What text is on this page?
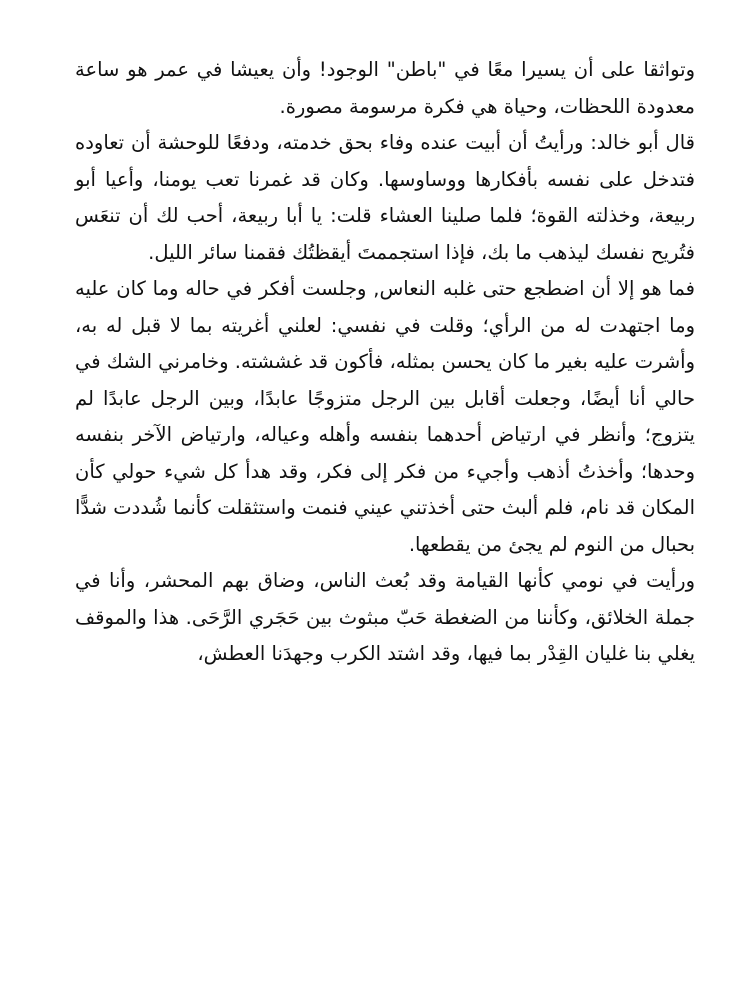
وتواثقا على أن يسيرا معًا في "باطن" الوجود! وأن يعيشا في عمر هو ساعة معدودة اللحظات، وحياة هي فكرة مرسومة مصورة.

قال أبو خالد: ورأيتُ أن أبيت عنده وفاء بحق خدمته، ودفعًا للوحشة أن تعاوده فتدخل على نفسه بأفكارها ووساوسها. وكان قد غمرنا تعب يومنا، وأعيا أبو ربيعة، وخذلته القوة؛ فلما صلينا العشاء قلت: يا أبا ربيعة، أحب لك أن تنعَس فتُريح نفسك ليذهب ما بك، فإذا استجممتَ أيقظتُك فقمنا سائر الليل.

فما هو إلا أن اضطجع حتى غلبه النعاس, وجلست أفكر في حاله وما كان عليه وما اجتهدت له من الرأي؛ وقلت في نفسي: لعلني أغريته بما لا قبل له به، وأشرت عليه بغير ما كان يحسن بمثله، فأكون قد غششته. وخامرني الشك في حالي أنا أيضًا، وجعلت أقابل بين الرجل متزوجًا عابدًا، وبين الرجل عابدًا لم يتزوج؛ وأنظر في ارتياض أحدهما بنفسه وأهله وعياله، وارتياض الآخر بنفسه وحدها؛ وأخذتُ أذهب وأجيء من فكر إلى فكر، وقد هدأ كل شيء حولي كأن المكان قد نام، فلم ألبث حتى أخذتني عيني فنمت واستثقلت كأنما شُددت شدًّا بحبال من النوم لم يجئ من يقطعها.

ورأيت في نومي كأنها القيامة وقد بُعث الناس، وضاق بهم المحشر، وأنا في جملة الخلائق، وكأننا من الضغطة حَبّ مبثوث بين حَجَري الرَّحَى. هذا والموقف يغلي بنا غليان القِدْر بما فيها، وقد اشتد الكرب وجهدَنا العطش،
